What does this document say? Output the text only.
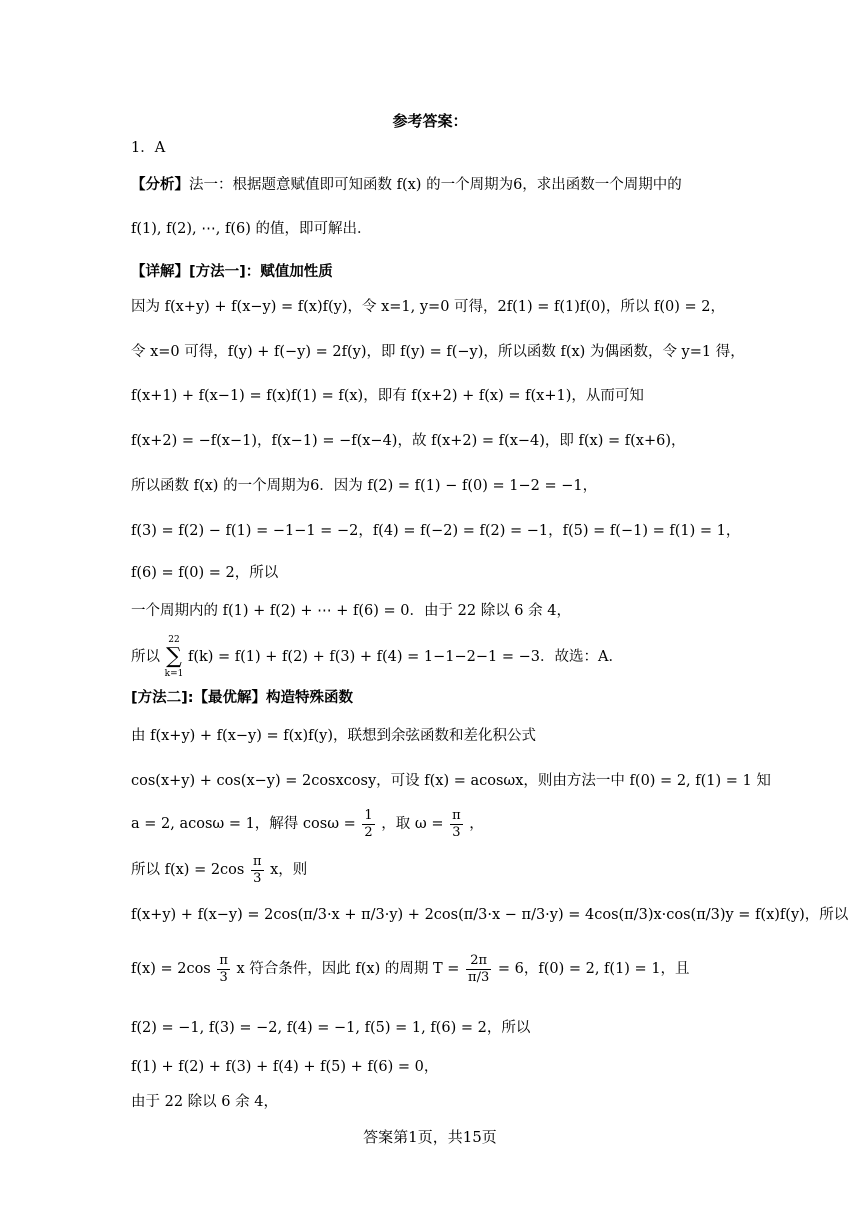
参考答案：
1．A
【分析】法一：根据题意赋值即可知函数 f(x) 的一个周期为6，求出函数一个周期中的
f(1), f(2), ⋯, f(6) 的值，即可解出．
【详解】[方法一]：赋值加性质
因为 f(x+y) + f(x−y) = f(x)f(y)，令 x=1, y=0 可得，2f(1) = f(1)f(0)，所以 f(0) = 2，
令 x=0 可得，f(y) + f(−y) = 2f(y)，即 f(y) = f(−y)，所以函数 f(x) 为偶函数，令 y=1 得，
f(x+1) + f(x−1) = f(x)f(1) = f(x)，即有 f(x+2) + f(x) = f(x+1)，从而可知
f(x+2) = −f(x−1)，f(x−1) = −f(x−4)，故 f(x+2) = f(x−4)，即 f(x) = f(x+6)，
所以函数 f(x) 的一个周期为6．因为 f(2) = f(1) − f(0) = 1−2 = −1，
f(3) = f(2) − f(1) = −1−1 = −2，f(4) = f(−2) = f(2) = −1，f(5) = f(−1) = f(1) = 1，
f(6) = f(0) = 2，所以
一个周期内的 f(1) + f(2) + ⋯ + f(6) = 0．由于 22 除以 6 余 4，
所以
22
∑
k=1
f(k) = f(1) + f(2) + f(3) + f(4) = 1−1−2−1 = −3．故选：A．
[方法二]:【最优解】构造特殊函数
由 f(x+y) + f(x−y) = f(x)f(y)，联想到余弦函数和差化积公式
cos(x+y) + cos(x−y) = 2cosxcosy，可设 f(x) = acosωx，则由方法一中 f(0) = 2, f(1) = 1 知
a = 2, acosω = 1，解得 $\cos\omega = \frac{1}{2}$ ，取 $\omega = \frac{\pi}{3}$ ，
所以 $f(x) = 2\cos \frac{\pi}{3}$ x，则
f(x+y) + f(x−y) = 2cos(π/3·x + π/3·y) + 2cos(π/3·x − π/3·y) = 4cos(π/3)x·cos(π/3)y = f(x)f(y)，所以
$f(x) = 2\cos \frac{\pi}{3}$ x 符合条件，因此 f(x) 的周期 $T = \frac{2\pi}{\pi/3} = 6$，f(0) = 2, f(1) = 1，且
f(2) = −1, f(3) = −2, f(4) = −1, f(5) = 1, f(6) = 2，所以
f(1) + f(2) + f(3) + f(4) + f(5) + f(6) = 0，
由于 22 除以 6 余 4，
答案第1页，共15页
